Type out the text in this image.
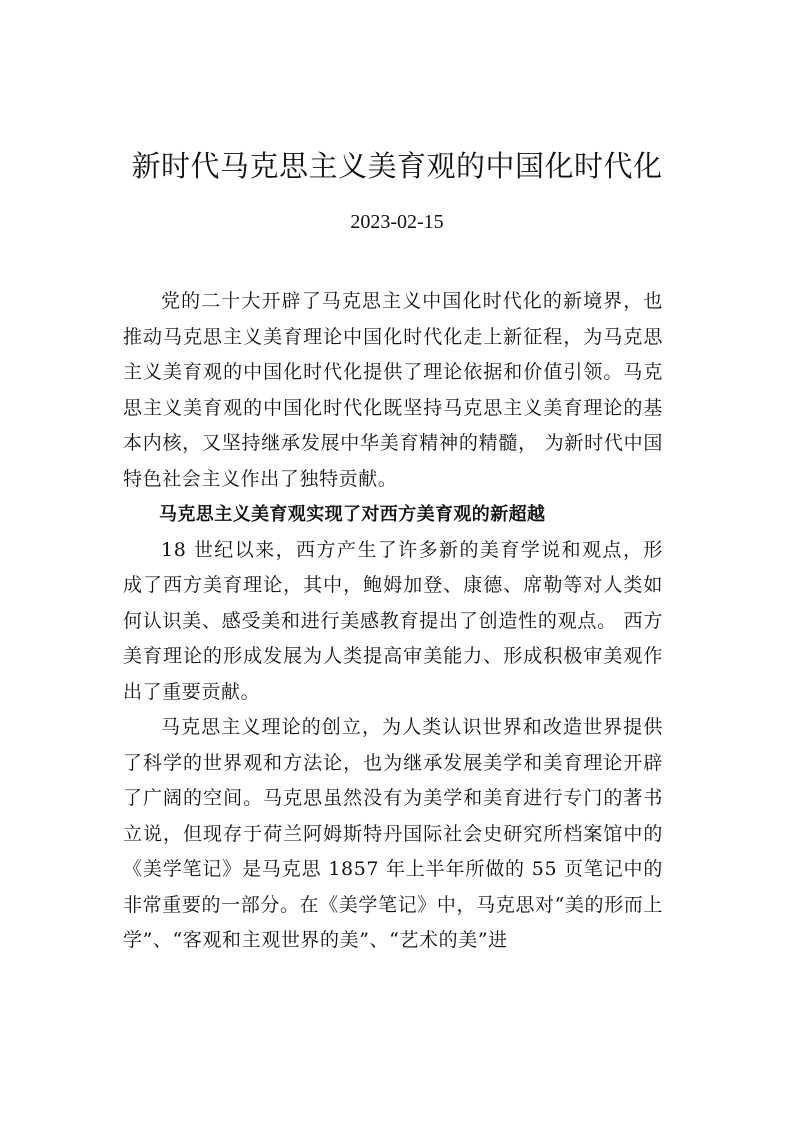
新时代马克思主义美育观的中国化时代化
2023-02-15

党的二十大开辟了马克思主义中国化时代化的新境界，也推动马克思主义美育理论中国化时代化走上新征程，为马克思主义美育观的中国化时代化提供了理论依据和价值引领。马克思主义美育观的中国化时代化既坚持马克思主义美育理论的基本内核，又坚持继承发展中华美育精神的精髓， 为新时代中国特色社会主义作出了独特贡献。

马克思主义美育观实现了对西方美育观的新超越

18 世纪以来，西方产生了许多新的美育学说和观点，形成了西方美育理论，其中，鲍姆加登、康德、席勒等对人类如何认识美、感受美和进行美感教育提出了创造性的观点。 西方美育理论的形成发展为人类提高审美能力、形成积极审美观作出了重要贡献。

马克思主义理论的创立，为人类认识世界和改造世界提供了科学的世界观和方法论，也为继承发展美学和美育理论开辟了广阔的空间。马克思虽然没有为美学和美育进行专门的著书立说，但现存于荷兰阿姆斯特丹国际社会史研究所档案馆中的《美学笔记》是马克思 1857 年上半年所做的 55 页笔记中的非常重要的一部分。在《美学笔记》中，马克思对“美的形而上学”、“客观和主观世界的美”、“艺术的美”进
